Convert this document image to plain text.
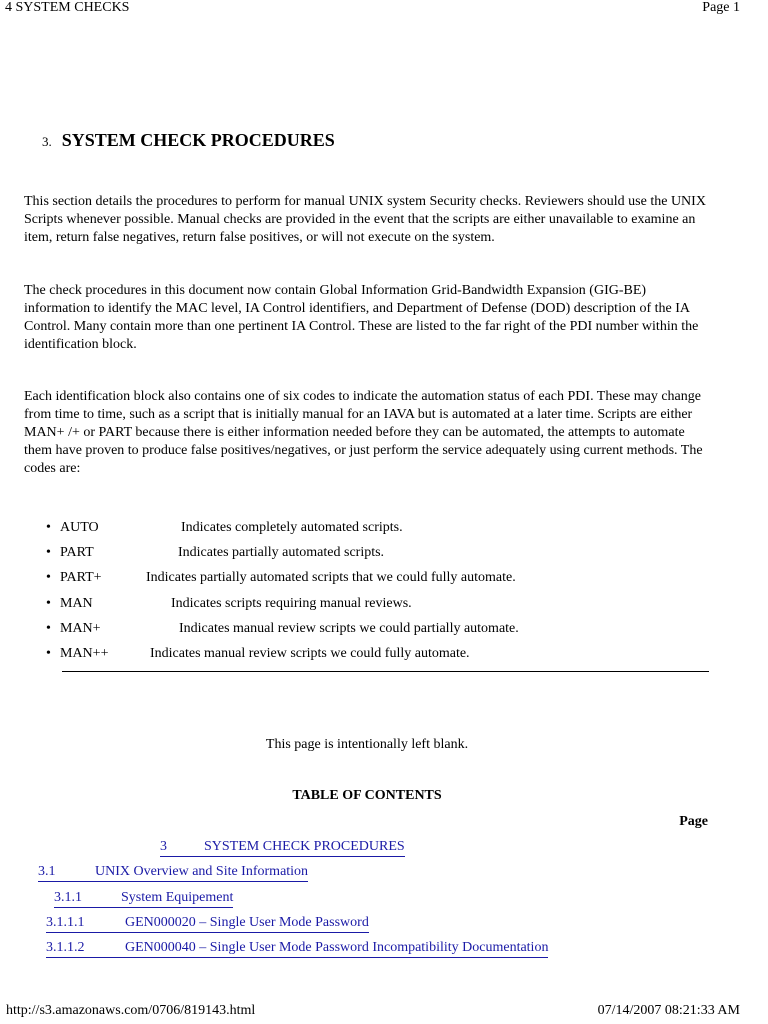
4 SYSTEM CHECKS	Page 1
3. SYSTEM CHECK PROCEDURES
This section details the procedures to perform for manual UNIX system Security checks. Reviewers should use the UNIX Scripts whenever possible. Manual checks are provided in the event that the scripts are either unavailable to examine an item, return false negatives, return false positives, or will not execute on the system.
The check procedures in this document now contain Global Information Grid-Bandwidth Expansion (GIG-BE) information to identify the MAC level, IA Control identifiers, and Department of Defense (DOD) description of the IA Control. Many contain more than one pertinent IA Control. These are listed to the far right of the PDI number within the identification block.
Each identification block also contains one of six codes to indicate the automation status of each PDI. These may change from time to time, such as a script that is initially manual for an IAVA but is automated at a later time. Scripts are either MAN+ /+ or PART because there is either information needed before they can be automated, the attempts to automate them have proven to produce false positives/negatives, or just perform the service adequately using current methods. The codes are:
• AUTO	Indicates completely automated scripts.
• PART	Indicates partially automated scripts.
• PART+	Indicates partially automated scripts that we could fully automate.
• MAN	Indicates scripts requiring manual reviews.
• MAN+	Indicates manual review scripts we could partially automate.
• MAN++	Indicates manual review scripts we could fully automate.
This page is intentionally left blank.
TABLE OF CONTENTS
Page
3	SYSTEM CHECK PROCEDURES
3.1	UNIX Overview and Site Information
3.1.1	System Equipement
3.1.1.1	GEN000020 – Single User Mode Password
3.1.1.2	GEN000040 – Single User Mode Password Incompatibility Documentation
http://s3.amazonaws.com/0706/819143.html	07/14/2007 08:21:33 AM
